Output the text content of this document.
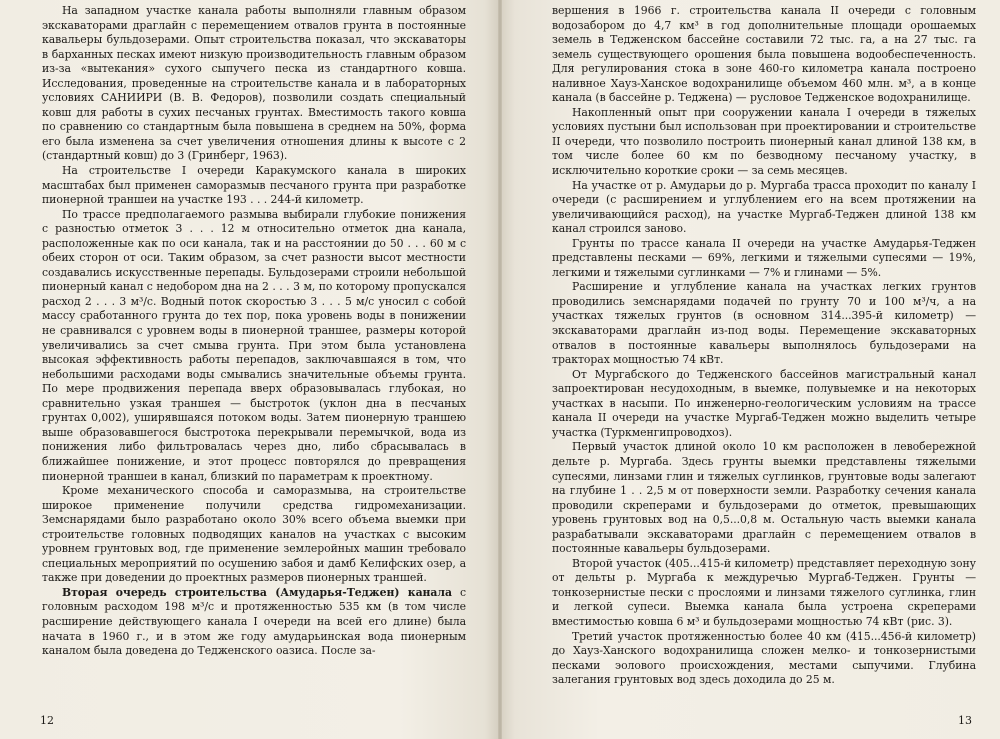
На западном участке канала работы выполняли главным образом экскаваторами драглайн с перемещением отвалов грунта в постоянные кавальеры бульдозерами. Опыт строительства показал, что экскаваторы в барханных песках имеют низкую производительность главным образом из-за «вытекания» сухого сыпучего песка из стандартного ковша. Исследования, проведенные на строительстве канала и в лабораторных условиях САНИИРИ (В. В. Федоров), позволили создать специальный ковш для работы в сухих песчаных грунтах. Вместимость такого ковша по сравнению со стандартным была повышена в среднем на 50%, форма его была изменена за счет увеличения отношения длины к высоте с 2 (стандартный ковш) до 3 (Гринберг, 1963).

На строительстве I очереди Каракумского канала в широких масштабах был применен саморазмыв песчаного грунта при разработке пионерной траншеи на участке 193 . . . 244-й километр.

По трассе предполагаемого размыва выбирали глубокие понижения с разностью отметок 3 . . . 12 м относительно отметок дна канала, расположенные как по оси канала, так и на расстоянии до 50 . . . 60 м с обеих сторон от оси. Таким образом, за счет разности высот местности создавались искусственные перепады. Бульдозерами строили небольшой пионерный канал с недобором дна на 2 . . . 3 м, по которому пропускался расход 2 . . . 3 м³/с. Водный поток скоростью 3 . . . 5 м/с уносил с собой массу сработанного грунта до тех пор, пока уровень воды в понижении не сравнивался с уровнем воды в пионерной траншее, размеры которой увеличивались за счет смыва грунта. При этом была установлена высокая эффективность работы перепадов, заключавшаяся в том, что небольшими расходами воды смывались значительные объемы грунта. По мере продвижения перепада вверх образовывалась глубокая, но сравнительно узкая траншея — быстроток (уклон дна в песчаных грунтах 0,002), уширявшаяся потоком воды. Затем пионерную траншею выше образовавшегося быстротока перекрывали перемычкой, вода из понижения либо фильтровалась через дно, либо сбрасывалась в ближайшее понижение, и этот процесс повторялся до превращения пионерной траншеи в канал, близкий по параметрам к проектному.

Кроме механического способа и саморазмыва, на строительстве широкое применение получили средства гидромеханизации. Земснарядами было разработано около 30% всего объема выемки при строительстве головных подводящих каналов на участках с высоким уровнем грунтовых вод, где применение землеройных машин требовало специальных мероприятий по осушению забоя и дамб Келифских озер, а также при доведении до проектных размеров пионерных траншей.

Вторая очередь строительства (Амударья-Теджен) канала с головным расходом 198 м³/с и протяженностью 535 км (в том числе расширение действующего канала I очереди на всей его длине) была начата в 1960 г., и в этом же году амударьинская вода пионерным каналом была доведена до Тедженского оазиса. После за-

12

вершения в 1966 г. строительства канала II очереди с головным водозабором до 4,7 км³ в год дополнительные площади орошаемых земель в Тедженском бассейне составили 72 тыс. га, а на 27 тыс. га земель существующего орошения была повышена водообеспеченность. Для регулирования стока в зоне 460-го километра канала построено наливное Хауз-Ханское водохранилище объемом 460 млн. м³, а в конце канала (в бассейне р. Теджена) — русловое Тедженское водохранилище.

Накопленный опыт при сооружении канала I очереди в тяжелых условиях пустыни был использован при проектировании и строительстве II очереди, что позволило построить пионерный канал длиной 138 км, в том числе более 60 км по безводному песчаному участку, в исключительно короткие сроки — за семь месяцев.

На участке от р. Амударьи до р. Мургаба трасса проходит по каналу I очереди (с расширением и углублением его на всем протяжении на увеличивающийся расход), на участке Мургаб-Теджен длиной 138 км канал строился заново.

Грунты по трассе канала II очереди на участке Амударья-Теджен представлены песками — 69%, легкими и тяжелыми супесями — 19%, легкими и тяжелыми суглинками — 7% и глинами — 5%.

Расширение и углубление канала на участках легких грунтов проводились земснарядами подачей по грунту 70 и 100 м³/ч, а на участках тяжелых грунтов (в основном 314...395-й километр) — экскаваторами драглайн из-под воды. Перемещение экскаваторных отвалов в постоянные кавальеры выполнялось бульдозерами на тракторах мощностью 74 кВт.

От Мургабского до Тедженского бассейнов магистральный канал запроектирован несудоходным, в выемке, полувыемке и на некоторых участках в насыпи. По инженерно-геологическим условиям на трассе канала II очереди на участке Мургаб-Теджен можно выделить четыре участка (Туркменгипроводхоз).

Первый участок длиной около 10 км расположен в левобережной дельте р. Мургаба. Здесь грунты выемки представлены тяжелыми супесями, линзами глин и тяжелых суглинков, грунтовые воды залегают на глубине 1 . . 2,5 м от поверхности земли. Разработку сечения канала проводили скреперами и бульдозерами до отметок, превышающих уровень грунтовых вод на 0,5...0,8 м. Остальную часть выемки канала разрабатывали экскаваторами драглайн с перемещением отвалов в постоянные кавальеры бульдозерами.

Второй участок (405...415-й километр) представляет переходную зону от дельты р. Мургаба к междуречью Мургаб-Теджен. Грунты — тонкозернистые пески с прослоями и линзами тяжелого суглинка, глин и легкой супеси. Выемка канала была устроена скреперами вместимостью ковша 6 м³ и бульдозерами мощностью 74 кВт (рис. 3).

Третий участок протяженностью более 40 км (415...456-й километр) до Хауз-Ханского водохранилища сложен мелко- и тонкозернистыми песками эолового происхождения, местами сыпучими. Глубина залегания грунтовых вод здесь доходила до 25 м.

13
